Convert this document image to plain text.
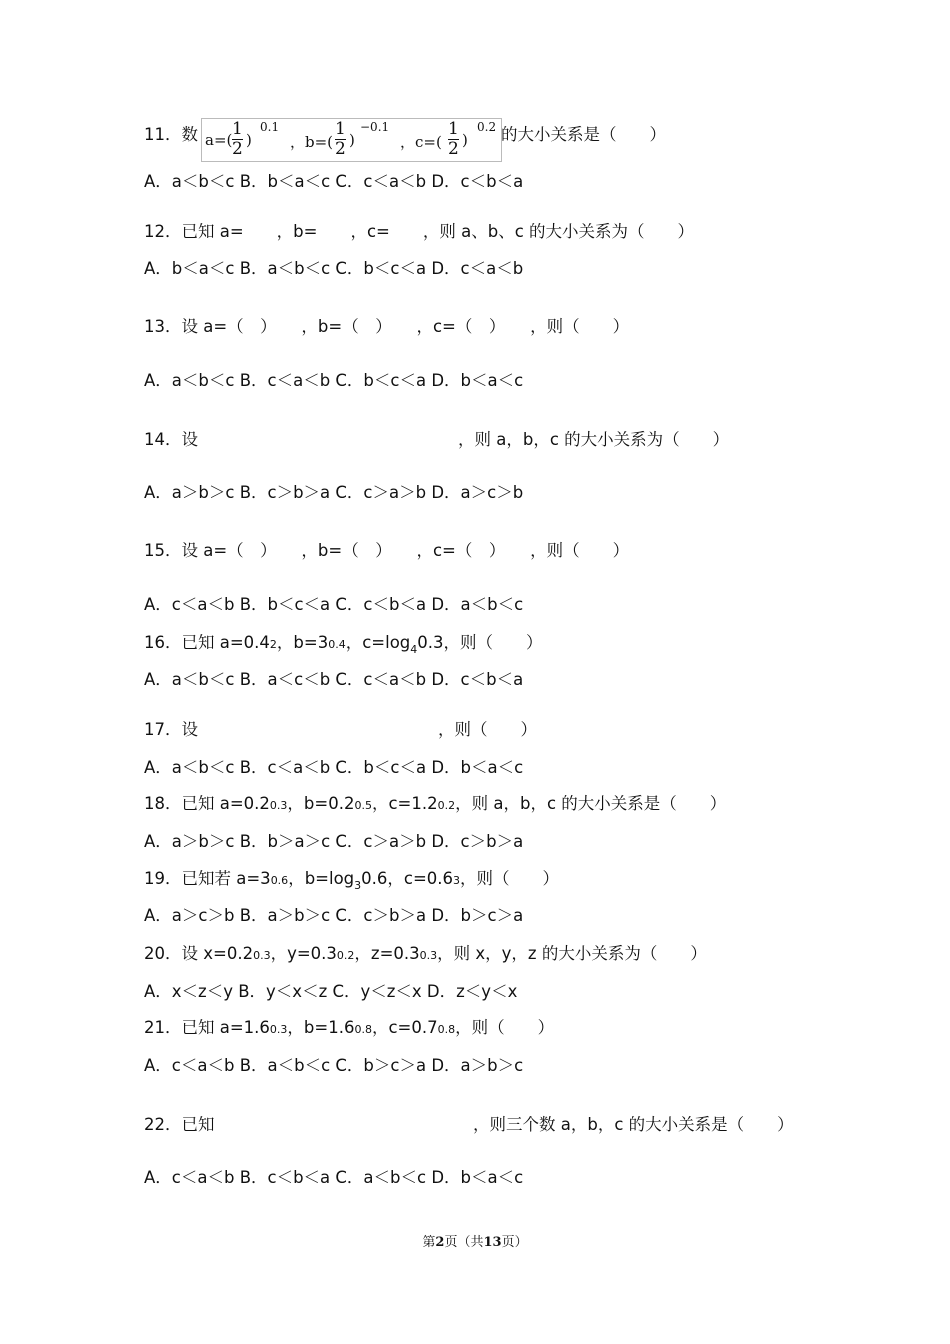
11．数 a=(
1
2 )
0.1
，b=(
1
2 )
−0.1
，c=(
1
2 )
0.2 的大小关系是（　　）
A．a＜b＜c B．b＜a＜c C．c＜a＜b D．c＜b＜a
12．已知 a=　　，b=　　，c=　　，则 a、b、c 的大小关系为（　　）
A．b＜a＜c B．a＜b＜c C．b＜c＜a D．c＜a＜b
13．设 a=（　）　　，b=（　）　　，c=（　）　　，则（　　）
A．a＜b＜c B．c＜a＜b C．b＜c＜a D．b＜a＜c
14．设	，则 a，b，c 的大小关系为（　　）
A．a＞b＞c B．c＞b＞a C．c＞a＞b D．a＞c＞b
15．设 a=（　）　　，b=（　）　　，c=（　）　　，则（　　）
A．c＜a＜b B．b＜c＜a C．c＜b＜a D．a＜b＜c
16．已知 a=0.42，b=30.4，$c=\log_40.3$，则（　　）
A．a＜b＜c B．a＜c＜b C．c＜a＜b D．c＜b＜a
17．设	，则（　　）
A．a＜b＜c B．c＜a＜b C．b＜c＜a D．b＜a＜c
18．已知 a=0.20.3，b=0.20.5，c=1.20.2，则 a，b，c 的大小关系是（　　）
A．a＞b＞c B．b＞a＞c C．c＞a＞b D．c＞b＞a
19．已知若 a=30.6，$b=\log_30.6$，c=0.63，则（　　）
A．a＞c＞b B．a＞b＞c C．c＞b＞a D．b＞c＞a
20．设 x=0.20.3，y=0.30.2，z=0.30.3，则 x，y，z 的大小关系为（　　）
A．x＜z＜y B．y＜x＜z C．y＜z＜x D．z＜y＜x
21．已知 a=1.60.3，b=1.60.8，c=0.70.8，则（　　）
A．c＜a＜b B．a＜b＜c C．b＞c＞a D．a＞b＞c
22．已知	，则三个数 a，b，c 的大小关系是（　　）
A．c＜a＜b B．c＜b＜a C．a＜b＜c D．b＜a＜c
第2页（共13页）
